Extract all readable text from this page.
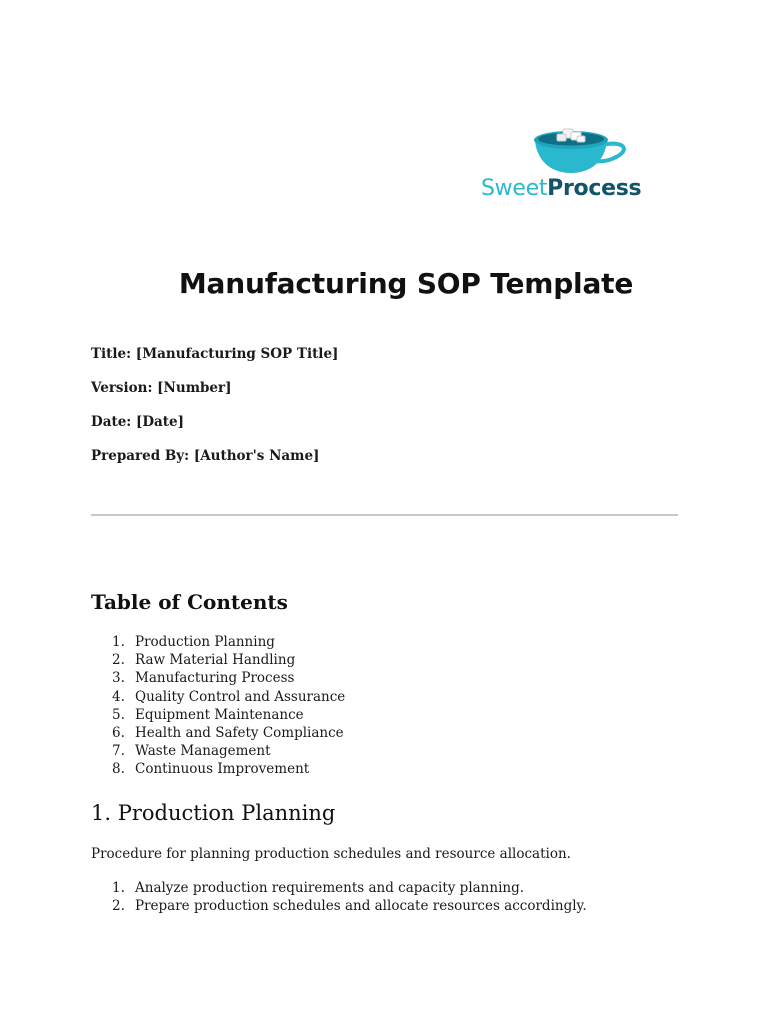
SweetProcess
Manufacturing SOP Template
Title: [Manufacturing SOP Title]
Version: [Number]
Date: [Date]
Prepared By: [Author's Name]
Table of Contents
1. Production Planning
2. Raw Material Handling
3. Manufacturing Process
4. Quality Control and Assurance
5. Equipment Maintenance
6. Health and Safety Compliance
7. Waste Management
8. Continuous Improvement
1. Production Planning
Procedure for planning production schedules and resource allocation.
1. Analyze production requirements and capacity planning.
2. Prepare production schedules and allocate resources accordingly.
